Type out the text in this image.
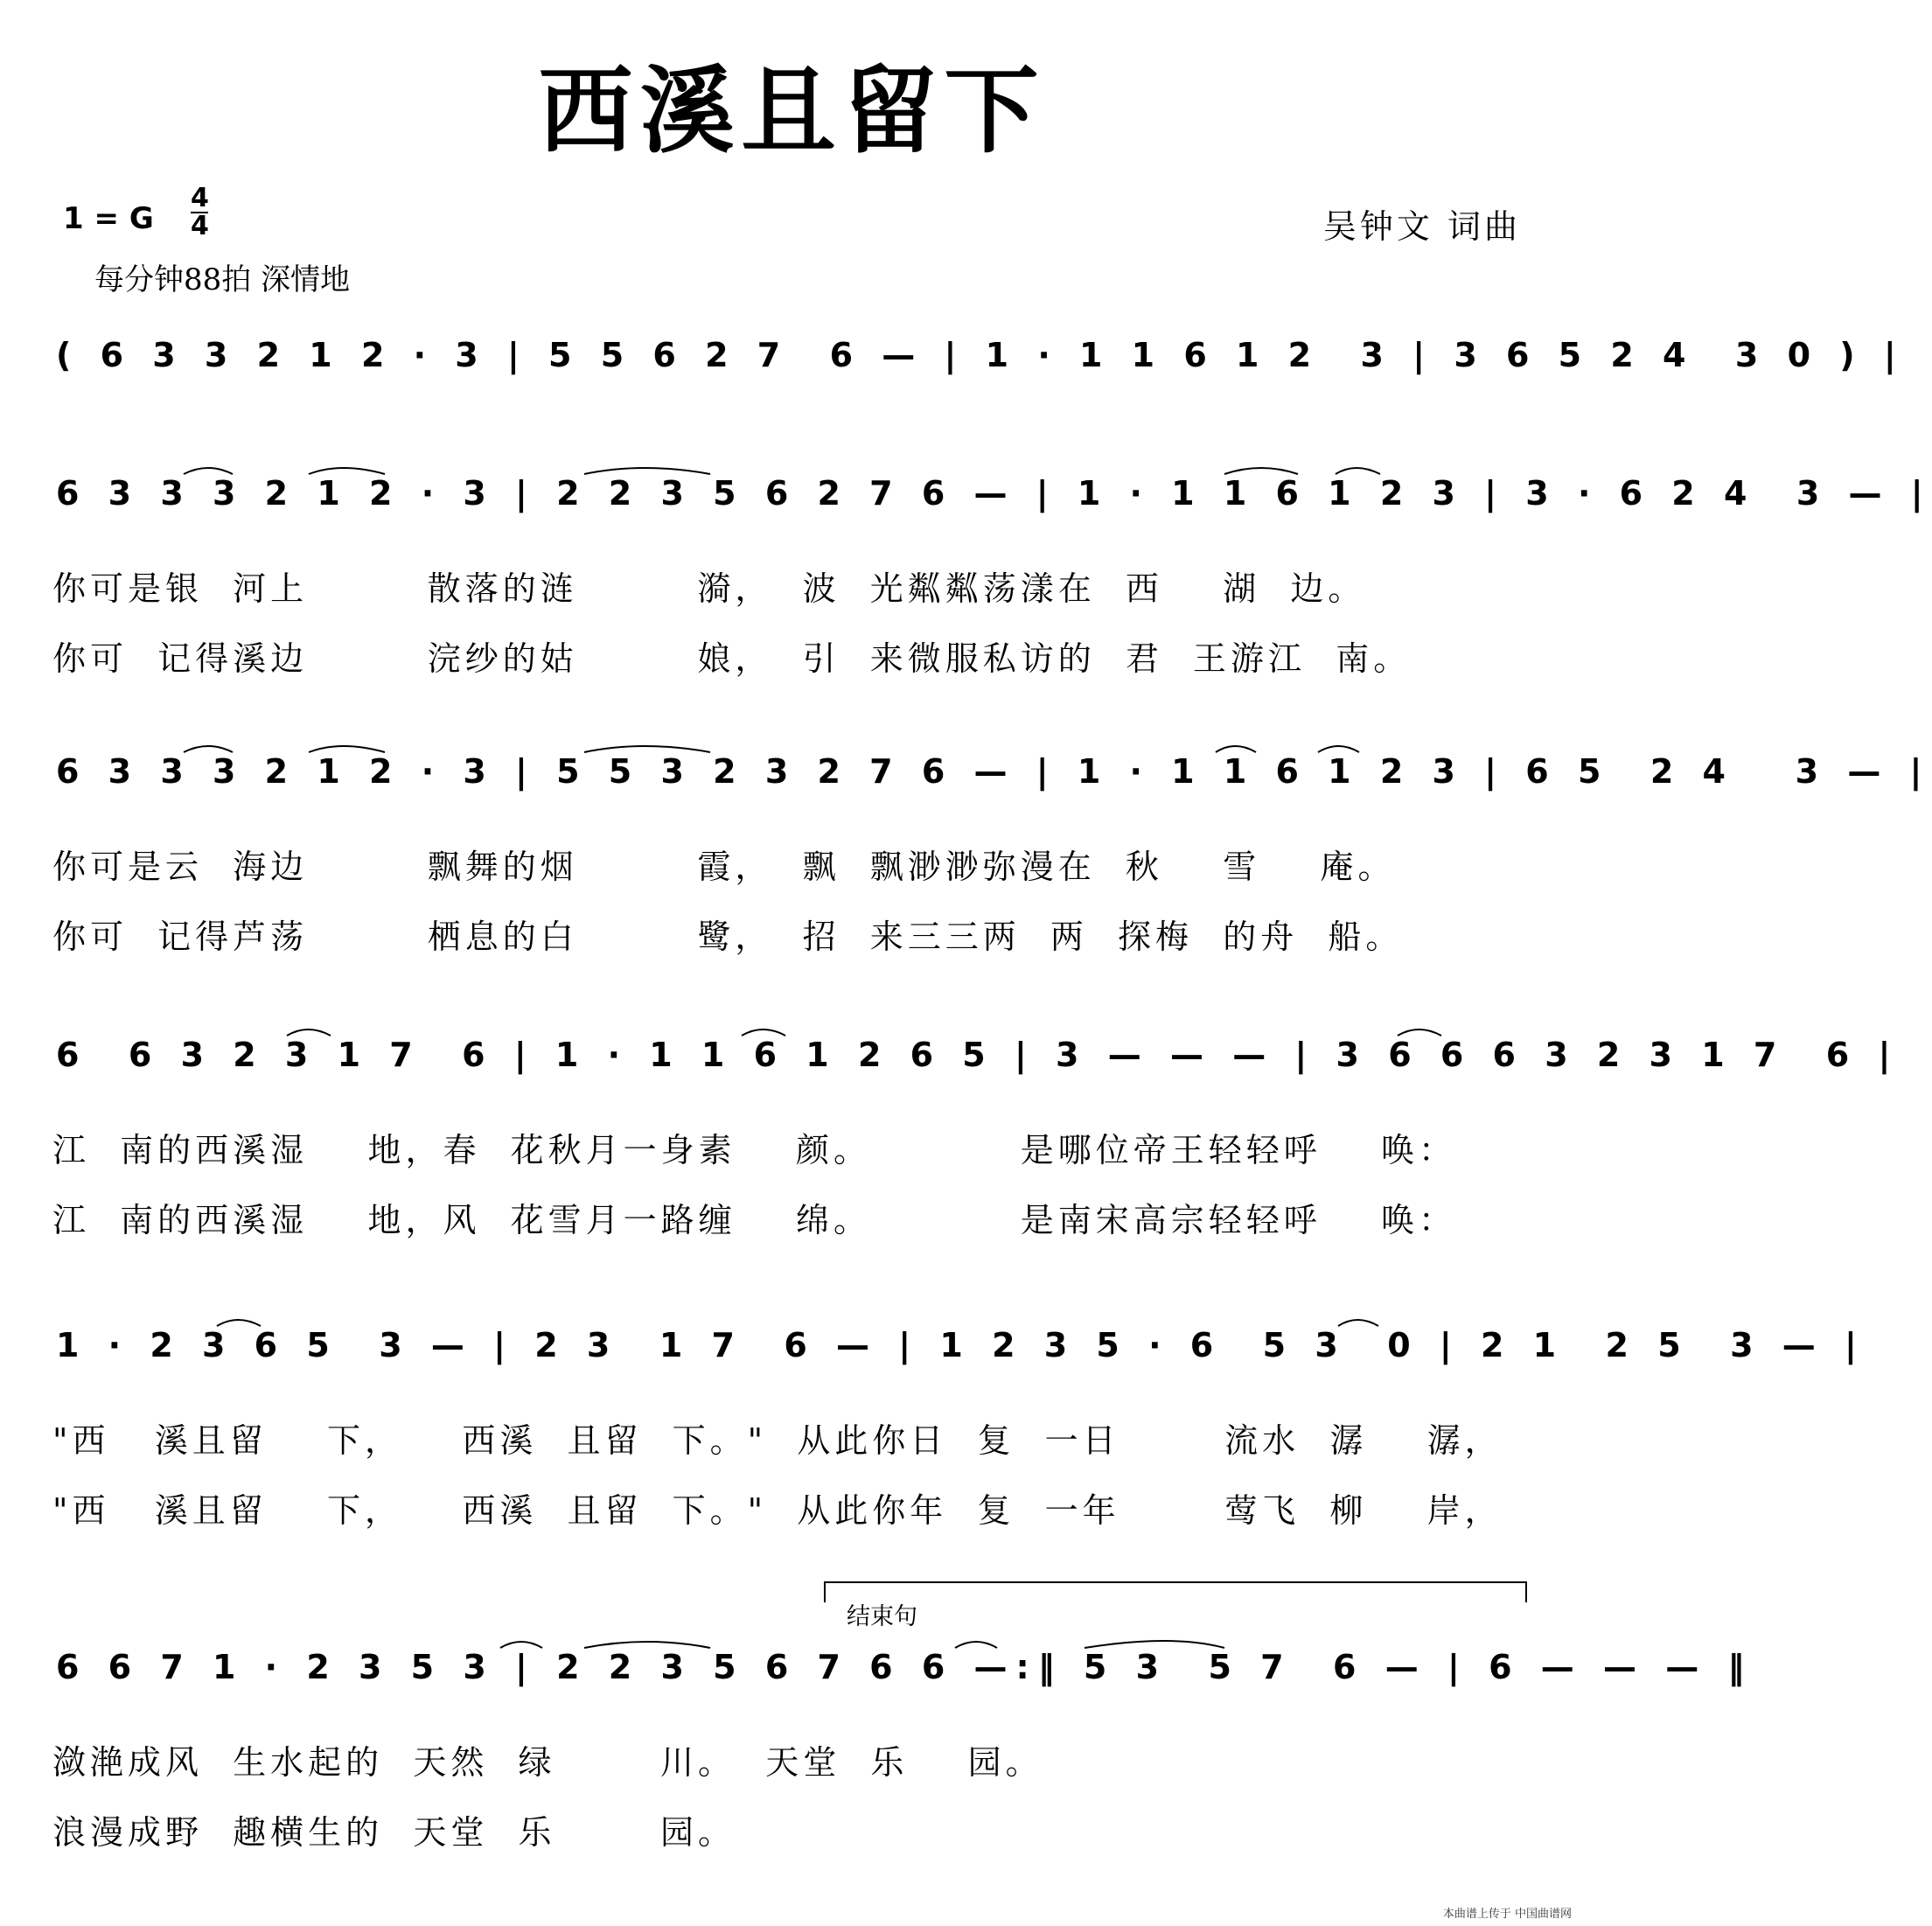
西溪且留下
1 = G
4
4
每分钟88拍 深情地
吴钟文 词曲
( 6 3 3 2 1 2 · 3 | 5 5 6 2 7  6 — | 1 · 1 1 6 1 2  3 | 3 6 5 2 4  3 0 ) |
6 3 3 3 2 1 2 · 3 | 2 2 3 5 6 2 7 6 — | 1 · 1 1 6 1 2 3 | 3 · 6 2 4  3 — |
你可是银  河上        散落的涟        漪，  波  光粼粼荡漾在  西    湖  边。
你可  记得溪边        浣纱的姑        娘，  引  来微服私访的  君  王游江  南。
6 3 3 3 2 1 2 · 3 | 5 5 3 2 3 2 7 6 — | 1 · 1 1 6 1 2 3 | 6 5  2 4   3 — |
你可是云  海边        飘舞的烟        霞，  飘  飘渺渺弥漫在  秋    雪    庵。
你可  记得芦荡        栖息的白        鹭，  招  来三三两  两  探梅  的舟  船。
6  6 3 2 3 1 7  6 | 1 · 1 1 6 1 2 6 5 | 3 — — — | 3 6 6 6 3 2 3 1 7  6 |
江  南的西溪湿    地，春  花秋月一身素    颜。          是哪位帝王轻轻呼    唤：
江  南的西溪湿    地，风  花雪月一路缠    绵。          是南宋高宗轻轻呼    唤：
1 · 2 3 6 5  3 — | 2 3  1 7  6 — | 1 2 3 5 · 6  5 3  0 | 2 1  2 5  3 — |
"西   溪且留    下，    西溪  且留  下。"  从此你日  复  一日       流水  潺    潺，
"西   溪且留    下，    西溪  且留  下。"  从此你年  复  一年       莺飞  柳    岸，
结束句
6 6 7 1 · 2 3 5 3 | 2 2 3 5 6 7 6 6 —:‖ 5 3  5 7  6 — | 6 — — — ‖
潋滟成风  生水起的  天然  绿       川。  天堂  乐    园。
浪漫成野  趣横生的  天堂  乐       园。
本曲谱上传于 中国曲谱网
